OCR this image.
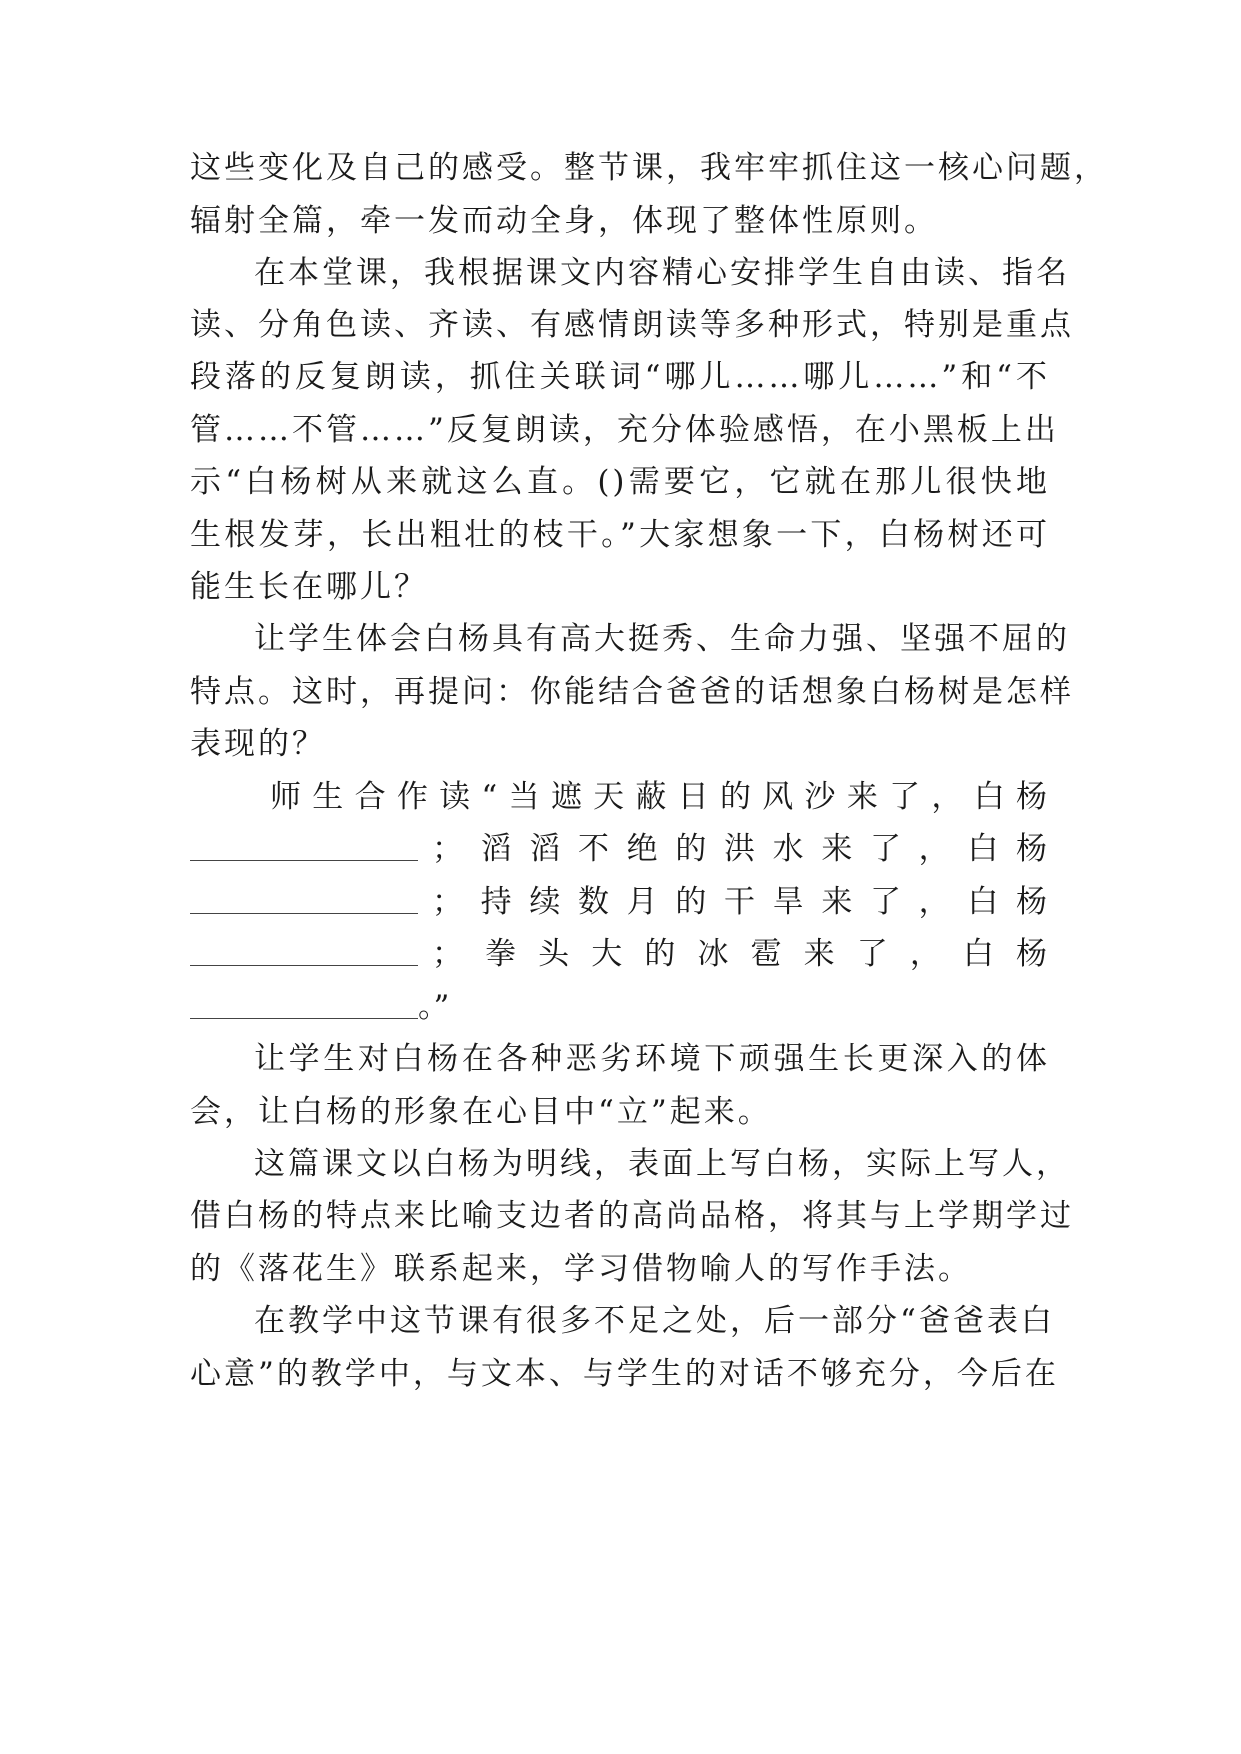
这些变化及自己的感受。整节课，我牢牢抓住这一核心问题，
辐射全篇，牵一发而动全身，体现了整体性原则。
在本堂课，我根据课文内容精心安排学生自由读、指名
读、分角色读、齐读、有感情朗读等多种形式，特别是重点
段落的反复朗读，抓住关联词“哪儿……哪儿……”和“不
管……不管……”反复朗读，充分体验感悟，在小黑板上出
示“白杨树从来就这么直。()需要它，它就在那儿很快地
生根发芽，长出粗壮的枝干。”大家想象一下，白杨树还可
能生长在哪儿？
让学生体会白杨具有高大挺秀、生命力强、坚强不屈的
特点。这时，再提问：你能结合爸爸的话想象白杨树是怎样
表现的？
师生合作读“当遮天蔽日的风沙来了，白杨
；滔滔不绝的洪水来了，白杨
；持续数月的干旱来了，白杨
；拳头大的冰雹来了，白杨
。”
让学生对白杨在各种恶劣环境下顽强生长更深入的体
会，让白杨的形象在心目中“立”起来。
这篇课文以白杨为明线，表面上写白杨，实际上写人，
借白杨的特点来比喻支边者的高尚品格，将其与上学期学过
的《落花生》联系起来，学习借物喻人的写作手法。
在教学中这节课有很多不足之处，后一部分“爸爸表白
心意”的教学中，与文本、与学生的对话不够充分，今后在
